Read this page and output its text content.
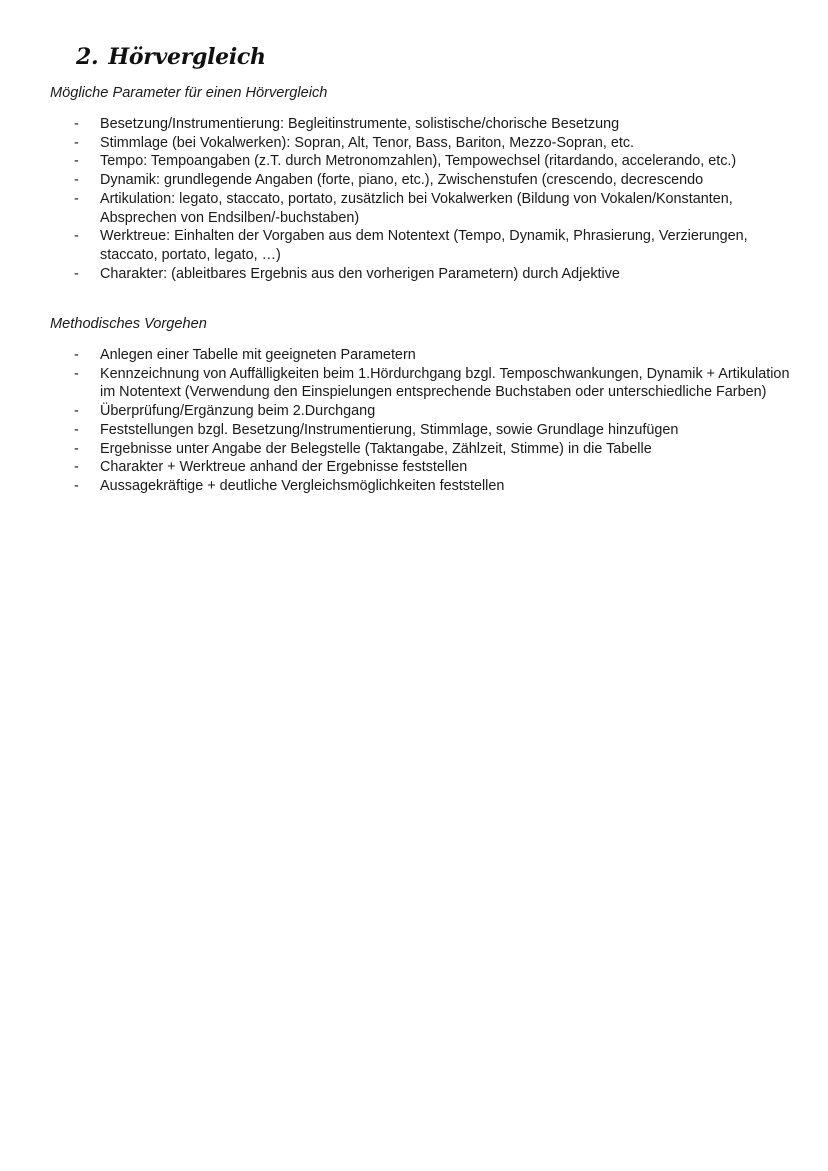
2. Hörvergleich
Mögliche Parameter für einen Hörvergleich
- Besetzung/Instrumentierung: Begleitinstrumente, solistische/chorische Besetzung
- Stimmlage (bei Vokalwerken): Sopran, Alt, Tenor, Bass, Bariton, Mezzo-Sopran, etc.
- Tempo: Tempoangaben (z.T. durch Metronomzahlen), Tempowechsel (ritardando, accelerando, etc.)
- Dynamik: grundlegende Angaben (forte, piano, etc.), Zwischenstufen (crescendo, decrescendo
- Artikulation: legato, staccato, portato, zusätzlich bei Vokalwerken (Bildung von Vokalen/Konstanten, Absprechen von Endsilben/-buchstaben)
- Werktreue: Einhalten der Vorgaben aus dem Notentext (Tempo, Dynamik, Phrasierung, Verzierungen, staccato, portato, legato, …)
- Charakter: (ableitbares Ergebnis aus den vorherigen Parametern) durch Adjektive
Methodisches Vorgehen
- Anlegen einer Tabelle mit geeigneten Parametern
- Kennzeichnung von Auffälligkeiten beim 1.Hördurchgang bzgl. Temposchwankungen, Dynamik + Artikulation im Notentext (Verwendung den Einspielungen entsprechende Buchstaben oder unterschiedliche Farben)
- Überprüfung/Ergänzung beim 2.Durchgang
- Feststellungen bzgl. Besetzung/Instrumentierung, Stimmlage, sowie Grundlage hinzufügen
- Ergebnisse unter Angabe der Belegstelle (Taktangabe, Zählzeit, Stimme) in die Tabelle
- Charakter + Werktreue anhand der Ergebnisse feststellen
- Aussagekräftige + deutliche Vergleichsmöglichkeiten feststellen
